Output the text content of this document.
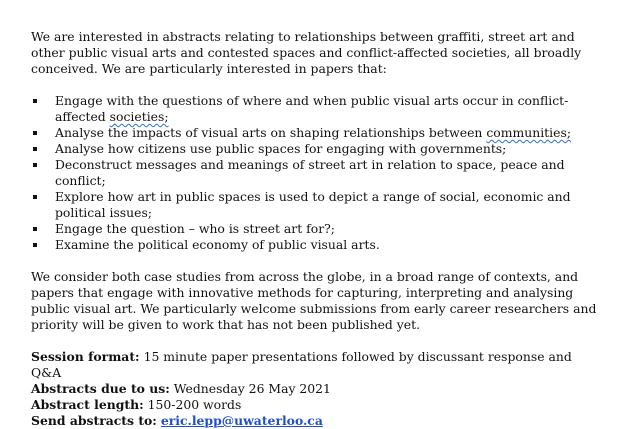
We are interested in abstracts relating to relationships between graffiti, street art and other public visual arts and contested spaces and conflict-affected societies, all broadly conceived. We are particularly interested in papers that:

Engage with the questions of where and when public visual arts occur in conflict-affected societies;
Analyse the impacts of visual arts on shaping relationships between communities;
Analyse how citizens use public spaces for engaging with governments;
Deconstruct messages and meanings of street art in relation to space, peace and conflict;
Explore how art in public spaces is used to depict a range of social, economic and political issues;
Engage the question – who is street art for?;
Examine the political economy of public visual arts.

We consider both case studies from across the globe, in a broad range of contexts, and papers that engage with innovative methods for capturing, interpreting and analysing public visual art. We particularly welcome submissions from early career researchers and priority will be given to work that has not been published yet.

Session format: 15 minute paper presentations followed by discussant response and Q&A

Abstracts due to us: Wednesday 26 May 2021

Abstract length: 150-200 words

Send abstracts to: eric.lepp@uwaterloo.ca
